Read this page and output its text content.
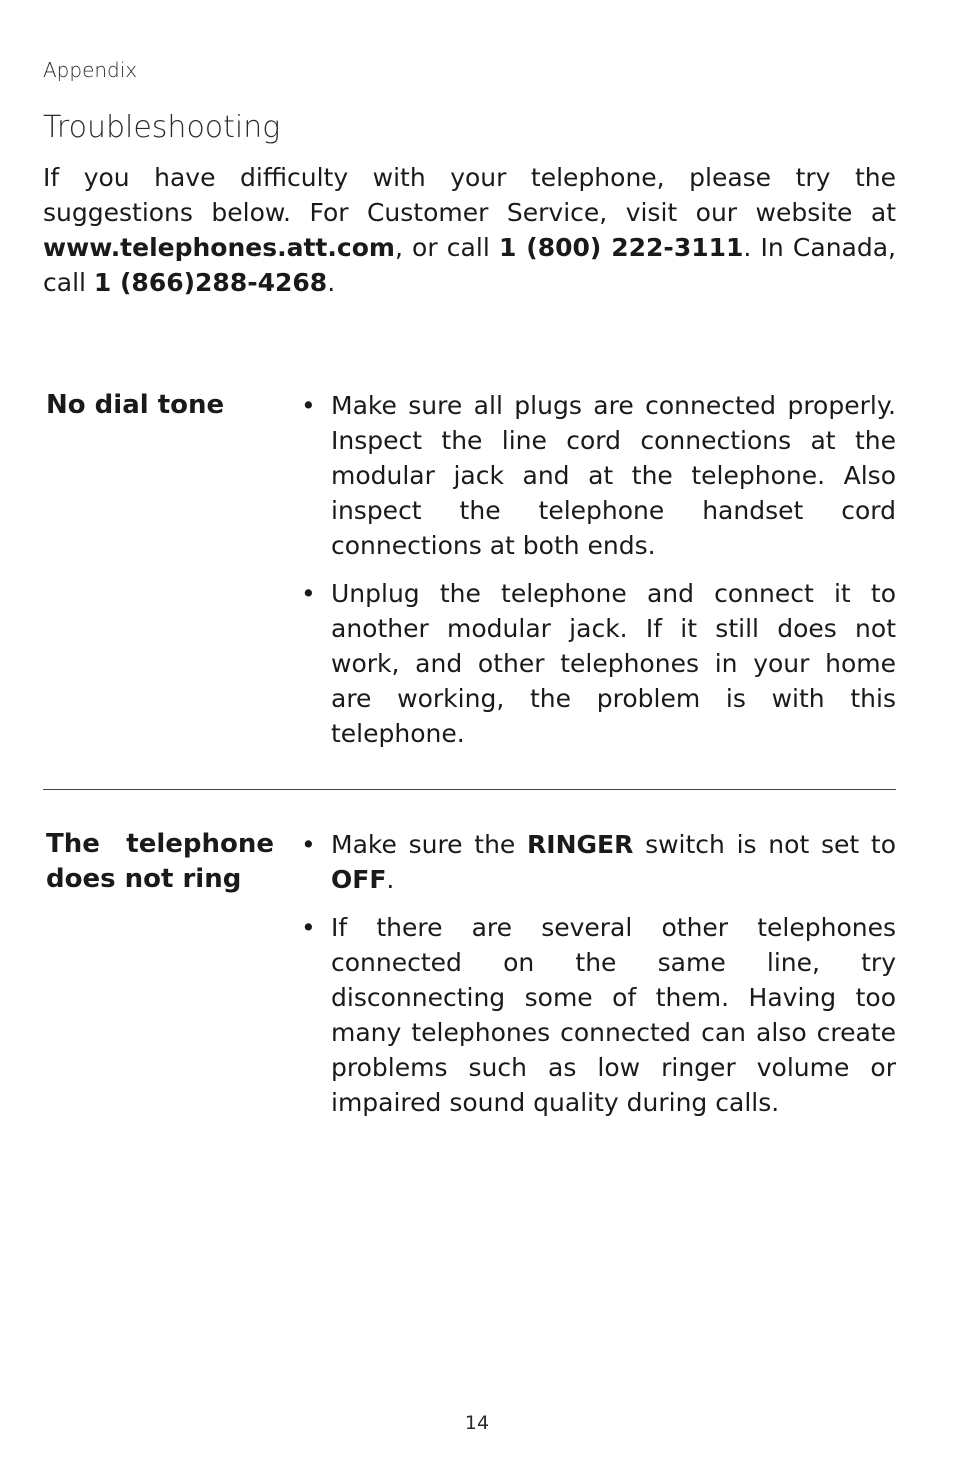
Appendix

Troubleshooting

If you have difficulty with your telephone, please try the suggestions below. For Customer Service, visit our website at www.telephones.att.com, or call 1 (800) 222-3111. In Canada, call 1 (866)288-4268.

No dial tone	• Make sure all plugs are connected properly. Inspect the line cord connections at the modular jack and at the telephone. Also inspect the telephone handset cord connections at both ends.
• Unplug the telephone and connect it to another modular jack. If it still does not work, and other telephones in your home are working, the problem is with this telephone.

The telephone does not ring

• Make sure the RINGER switch is not set to OFF.
• If there are several other telephones connected on the same line, try disconnecting some of them. Having too many telephones connected can also create problems such as low ringer volume or impaired sound quality during calls.
14
